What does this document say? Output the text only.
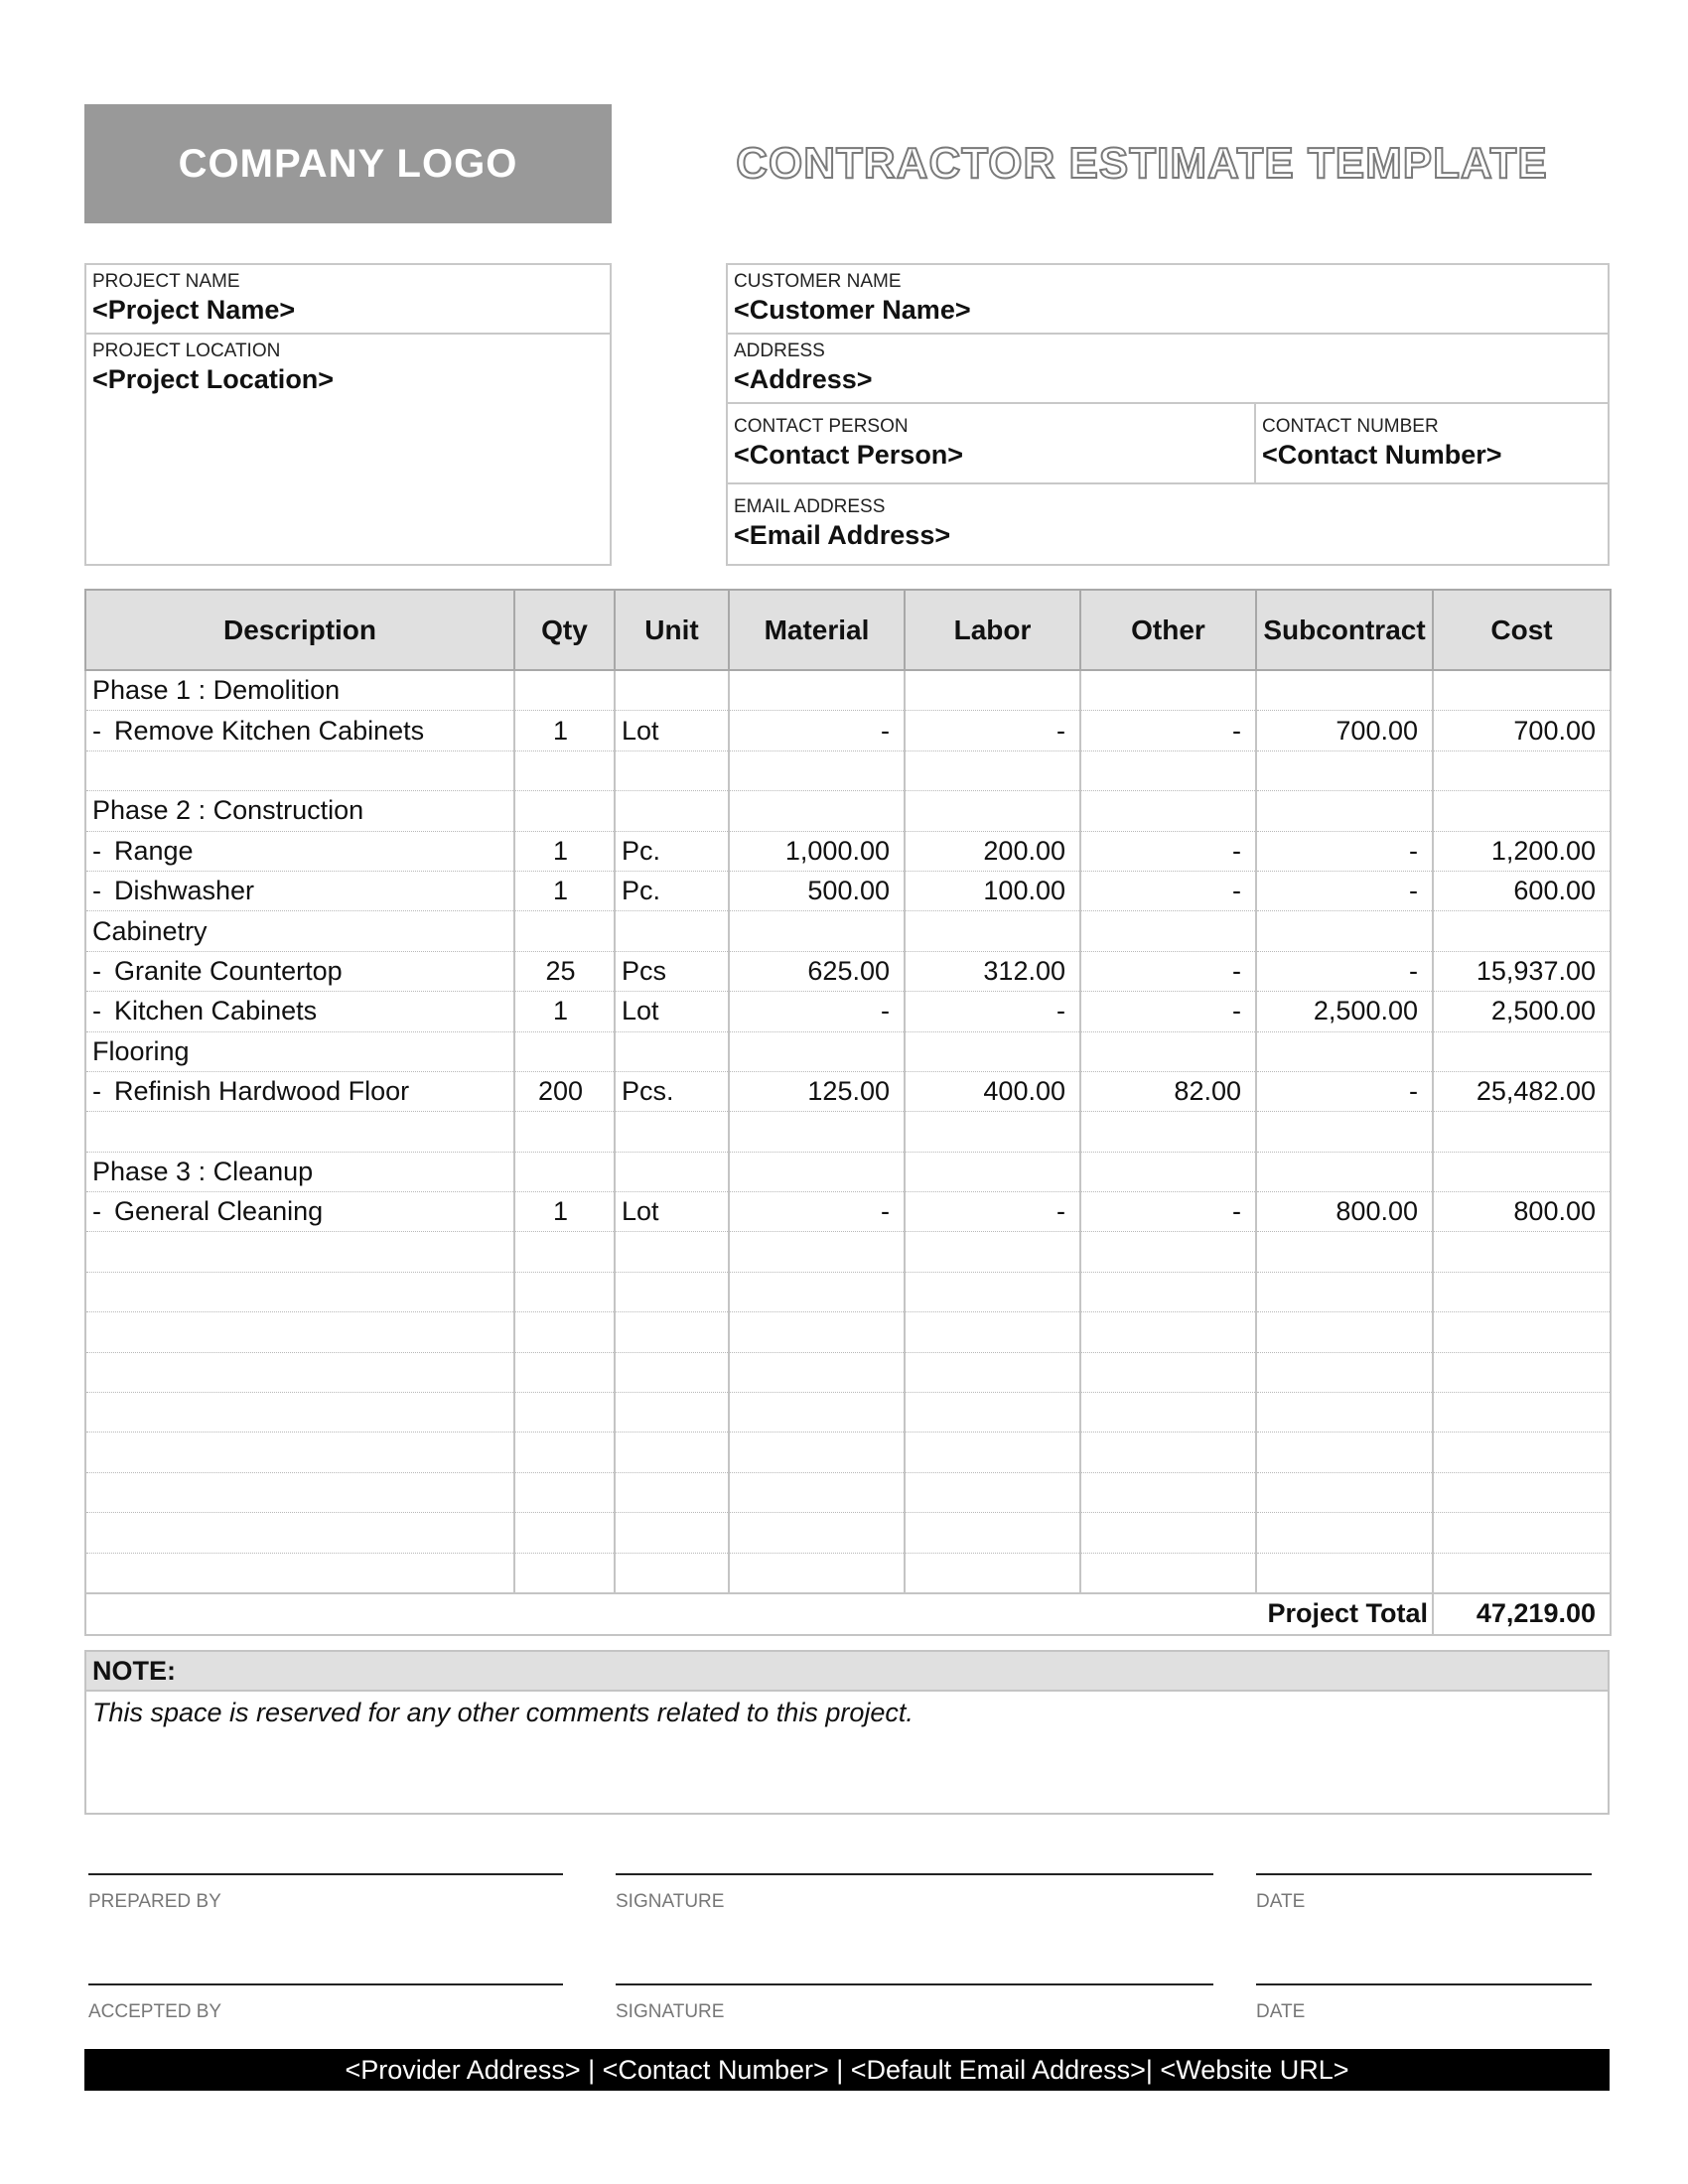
COMPANY LOGO	CONTRACTOR ESTIMATE TEMPLATE
PROJECT NAME
<Project Name>
PROJECT LOCATION
<Project Location>
CUSTOMER NAME
<Customer Name>
ADDRESS
<Address>
CONTACT PERSON
<Contact Person>
CONTACT NUMBER
<Contact Number>
EMAIL ADDRESS
<Email Address>
Description	Qty	Unit	Material	Labor	Other	Subcontract	Cost
Phase 1 : Demolition							
- Remove Kitchen Cabinets	1	Lot	-	-	-	700.00	700.00

Phase 2 : Construction							
- Range	1	Pc.	1,000.00	200.00	-	-	1,200.00
- Dishwasher	1	Pc.	500.00	100.00	-	-	600.00
Cabinetry							
- Granite Countertop	25	Pcs	625.00	312.00	-	-	15,937.00
- Kitchen Cabinets	1	Lot	-	-	-	2,500.00	2,500.00
Flooring							
- Refinish Hardwood Floor	200	Pcs.	125.00	400.00	82.00	-	25,482.00

Phase 3 : Cleanup							
- General Cleaning	1	Lot	-	-	-	800.00	800.00

						Project Total	47,219.00
NOTE:
This space is reserved for any other comments related to this project.
PREPARED BY	SIGNATURE	DATE
ACCEPTED BY	SIGNATURE	DATE
<Provider Address> | <Contact Number> | <Default Email Address>| <Website URL>
